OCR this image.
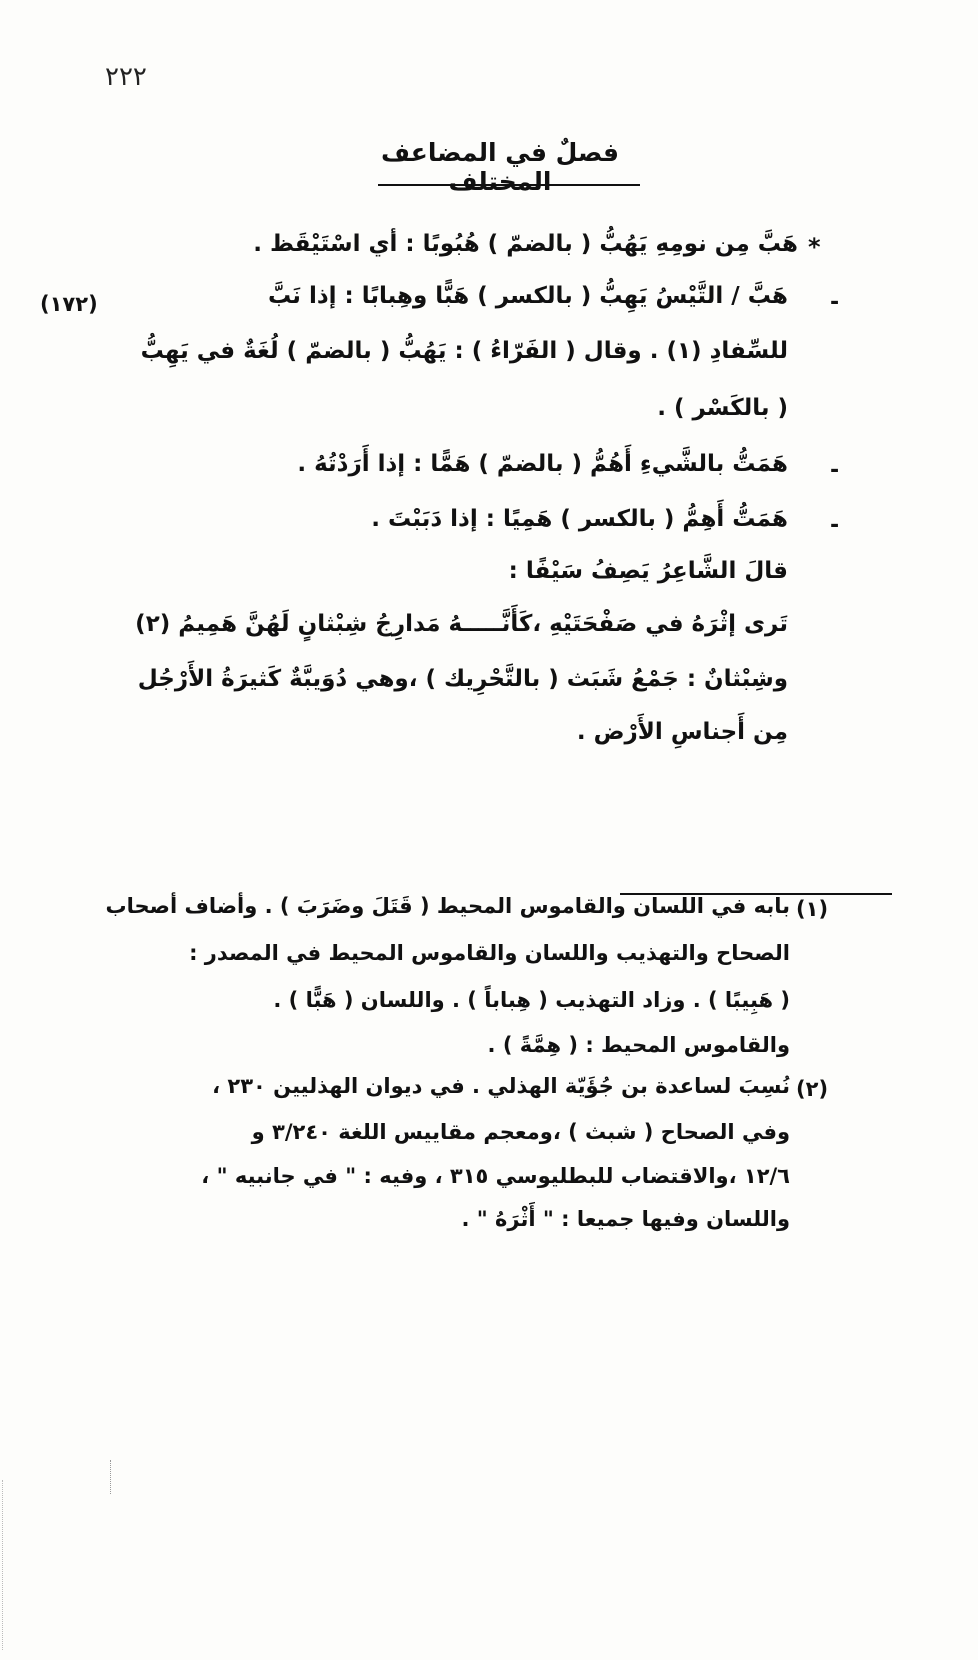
٢٢٢
فصلٌ في المضاعف المختلف
*
هَبَّ مِن نومِهِ يَهُبُّ ( بالضمّ ) هُبُوبًا : أي اسْتَيْقَظ .
-
هَبَّ / التَّيْسُ يَهِبُّ ( بالكسر ) هَبًّا وهِبابًا : إذا نَبَّ
(١٧٢)
للسِّفادِ (١) . وقال ( الفَرّاءُ ) : يَهُبُّ ( بالضمّ ) لُغَةٌ في يَهِبُّ
( بالكَسْر ) .
-
هَمَتُّ بالشَّيءِ أَهُمُّ ( بالضمّ ) هَمًّا : إذا أَرَدْتُهُ .
-
هَمَتُّ أَهِمُّ ( بالكسر ) هَمِيًا : إذا دَبَبْتَ .
قالَ الشَّاعِرُ يَصِفُ سَيْفًا :
تَرى إثْرَهُ في صَفْحَتَيْهِ ،كَأَنَّـــــهُ مَدارِجُ شِبْثانٍ لَهُنَّ هَمِيمُ (٢)
وشِبْثانٌ : جَمْعُ شَبَث ( بالتَّحْرِيك ) ،وهي دُوَيبَّةٌ كَثيرَةُ الأَرْجُل
مِن أَجناسِ الأَرْض .
(١)
بابه في اللسان والقاموس المحيط ( قَتَلَ وضَرَبَ ) . وأضاف أصحاب
الصحاح والتهذيب واللسان والقاموس المحيط في المصدر :
( هَبِيبًا ) . وزاد التهذيب ( هِباباً ) . واللسان ( هَبًّا ) .
والقاموس المحيط : ( هِمَّةً ) .
(٢)
نُسِبَ لساعدة بن جُؤَيّة الهذلي . في ديوان الهذليين ٢٣٠ ،
وفي الصحاح ( شبث ) ،ومعجم مقاييس اللغة ٣/٢٤٠ و
١٢/٦ ،والاقتضاب للبطليوسي ٣١٥ ، وفيه : " في جانبيه " ،
واللسان وفيها جميعا : " أَثْرَهُ " .
